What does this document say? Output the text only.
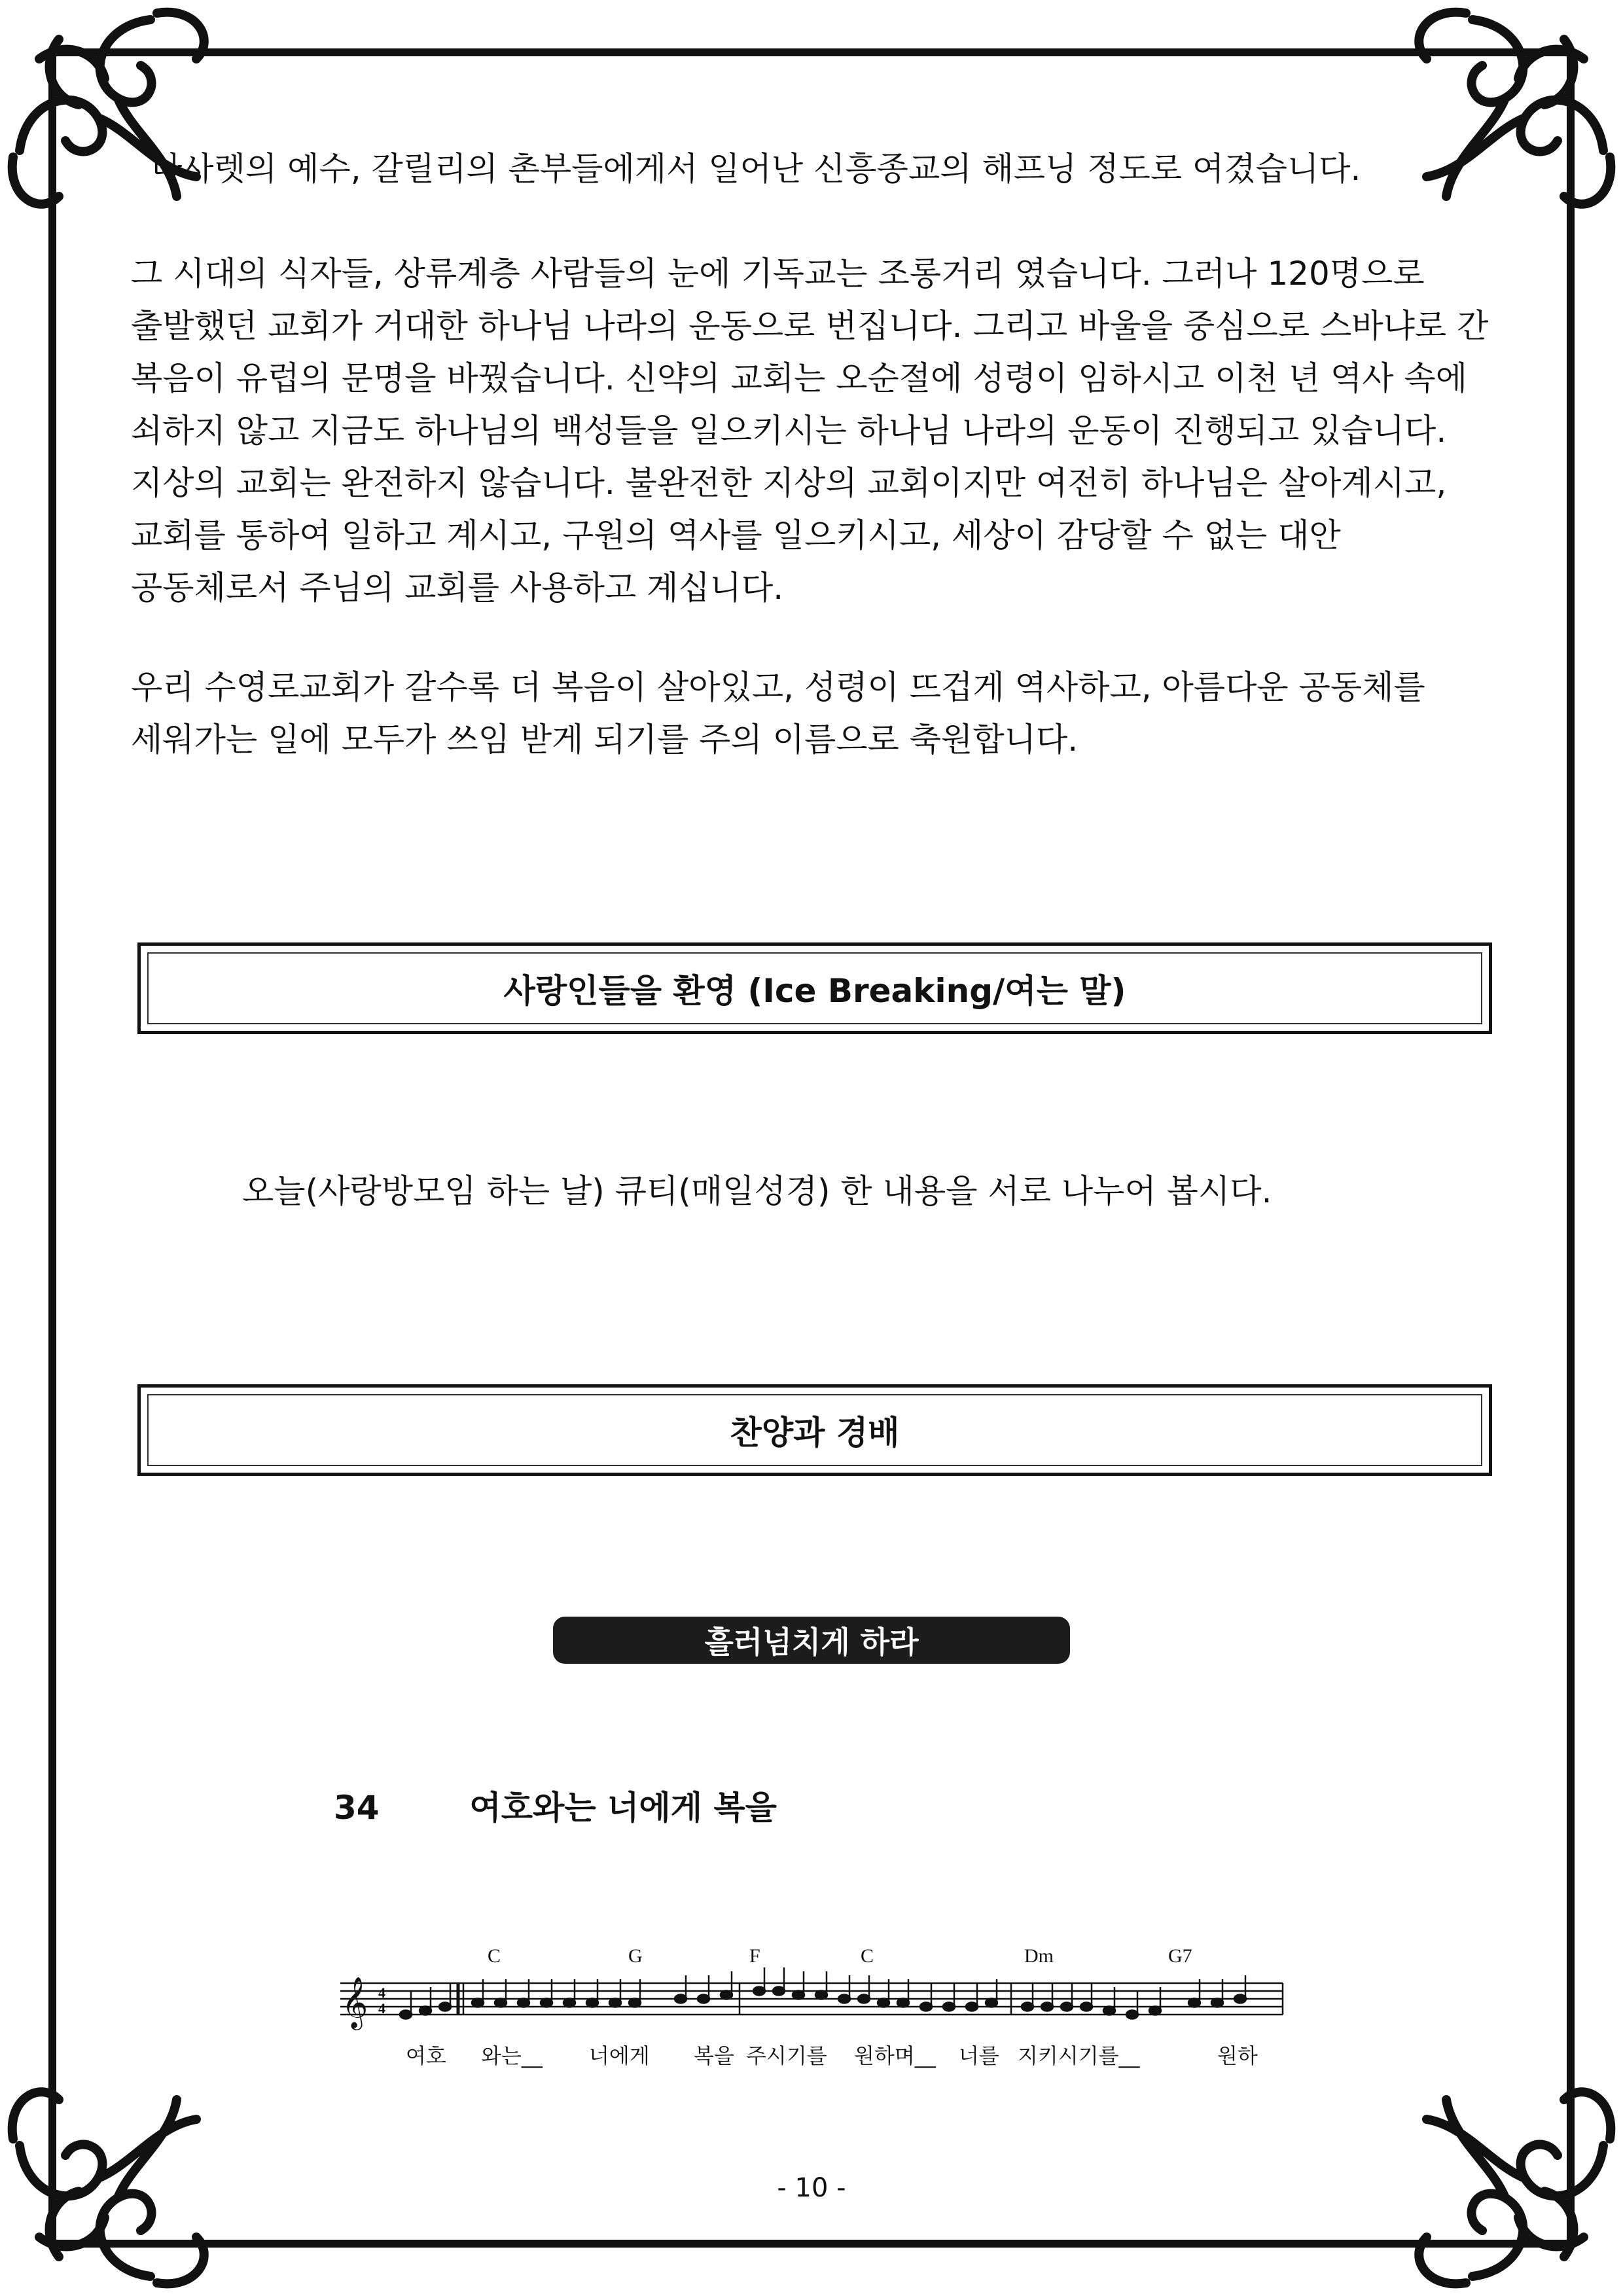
나사렛의 예수, 갈릴리의 촌부들에게서 일어난 신흥종교의 해프닝 정도로 여겼습니다.

그 시대의 식자들, 상류계층 사람들의 눈에 기독교는 조롱거리 였습니다. 그러나 120명으로

출발했던 교회가 거대한 하나님 나라의 운동으로 번집니다. 그리고 바울을 중심으로 스바냐로 간

복음이 유럽의 문명을 바꿨습니다. 신약의 교회는 오순절에 성령이 임하시고 이천 년 역사 속에

쇠하지 않고 지금도 하나님의 백성들을 일으키시는 하나님 나라의 운동이 진행되고 있습니다.

지상의 교회는 완전하지 않습니다. 불완전한 지상의 교회이지만 여전히 하나님은 살아계시고,

교회를 통하여 일하고 계시고, 구원의 역사를 일으키시고, 세상이 감당할 수 없는 대안

공동체로서 주님의 교회를 사용하고 계십니다.

우리 수영로교회가 갈수록 더 복음이 살아있고, 성령이 뜨겁게 역사하고, 아름다운 공동체를

세워가는 일에 모두가 쓰임 받게 되기를 주의 이름으로 축원합니다.

사랑인들을 환영 (Ice Breaking/여는 말)
오늘(사랑방모임 하는 날) 큐티(매일성경) 한 내용을 서로 나누어 봅시다.
찬양과 경배
흘러넘치게 하라
34	여호와는 너에게 복을
C	G	F	C	Dm	G7
𝄞 4
4
여호 와는__ 너에게 복을 주시기를 원하며__ 너를 지키시기를__	원하
- 10 -
